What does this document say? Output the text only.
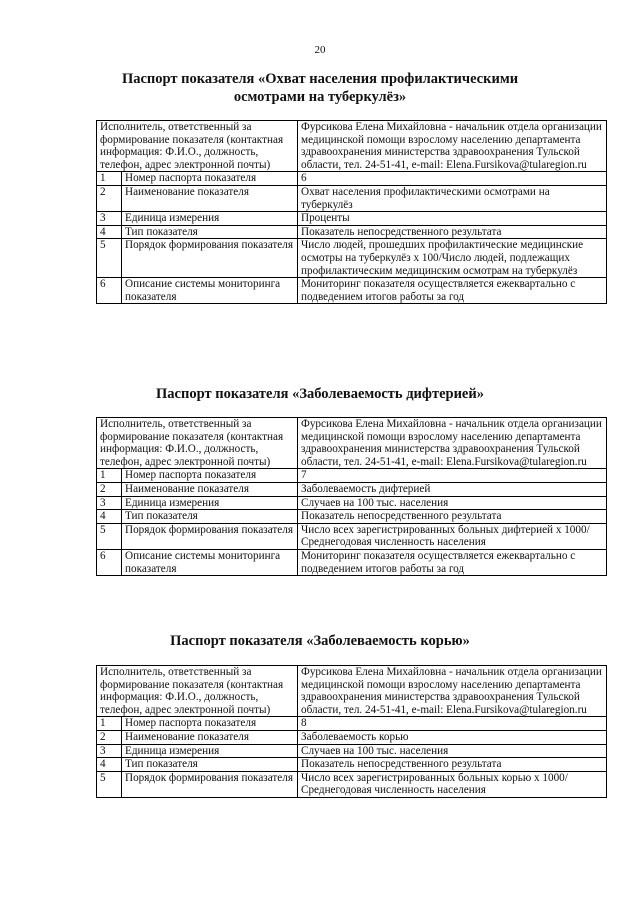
20
Паспорт показателя «Охват населения профилактическими
осмотрами на туберкулёз»
Исполнитель, ответственный за формирование показателя (контактная информация: Ф.И.О., должность, телефон, адрес электронной почты)		Фурсикова Елена Михайловна - начальник отдела организации медицинской помощи взрослому населению департамента здравоохранения министерства здравоохранения Тульской области, тел. 24-51-41, e-mail: Elena.Fursikova@tularegion.ru
1	Номер паспорта показателя	6
2	Наименование показателя	Охват населения профилактическими осмотрами на туберкулёз
3	Единица измерения	Проценты
4	Тип показателя	Показатель непосредственного результата
5	Порядок формирования показателя	Число людей, прошедших профилактические медицинские осмотры на туберкулёз x 100/Число людей, подлежащих профилактическим медицинским осмотрам на туберкулёз
6	Описание системы мониторинга показателя	Мониторинг показателя осуществляется ежеквартально с подведением итогов работы за год
Паспорт показателя «Заболеваемость дифтерией»
Исполнитель, ответственный за формирование показателя (контактная информация: Ф.И.О., должность, телефон, адрес электронной почты)		Фурсикова Елена Михайловна - начальник отдела организации медицинской помощи взрослому населению департамента здравоохранения министерства здравоохранения Тульской области, тел. 24-51-41, e-mail: Elena.Fursikova@tularegion.ru
1	Номер паспорта показателя	7
2	Наименование показателя	Заболеваемость дифтерией
3	Единица измерения	Случаев на 100 тыс. населения
4	Тип показателя	Показатель непосредственного результата
5	Порядок формирования показателя	Число всех зарегистрированных больных дифтерией x 1000/Среднегодовая численность населения
6	Описание системы мониторинга показателя	Мониторинг показателя осуществляется ежеквартально с подведением итогов работы за год
Паспорт показателя «Заболеваемость корью»
Исполнитель, ответственный за формирование показателя (контактная информация: Ф.И.О., должность, телефон, адрес электронной почты)		Фурсикова Елена Михайловна - начальник отдела организации медицинской помощи взрослому населению департамента здравоохранения министерства здравоохранения Тульской области, тел. 24-51-41, e-mail: Elena.Fursikova@tularegion.ru
1	Номер паспорта показателя	8
2	Наименование показателя	Заболеваемость корью
3	Единица измерения	Случаев на 100 тыс. населения
4	Тип показателя	Показатель непосредственного результата
5	Порядок формирования показателя	Число всех зарегистрированных больных корью x 1000/Среднегодовая численность населения
